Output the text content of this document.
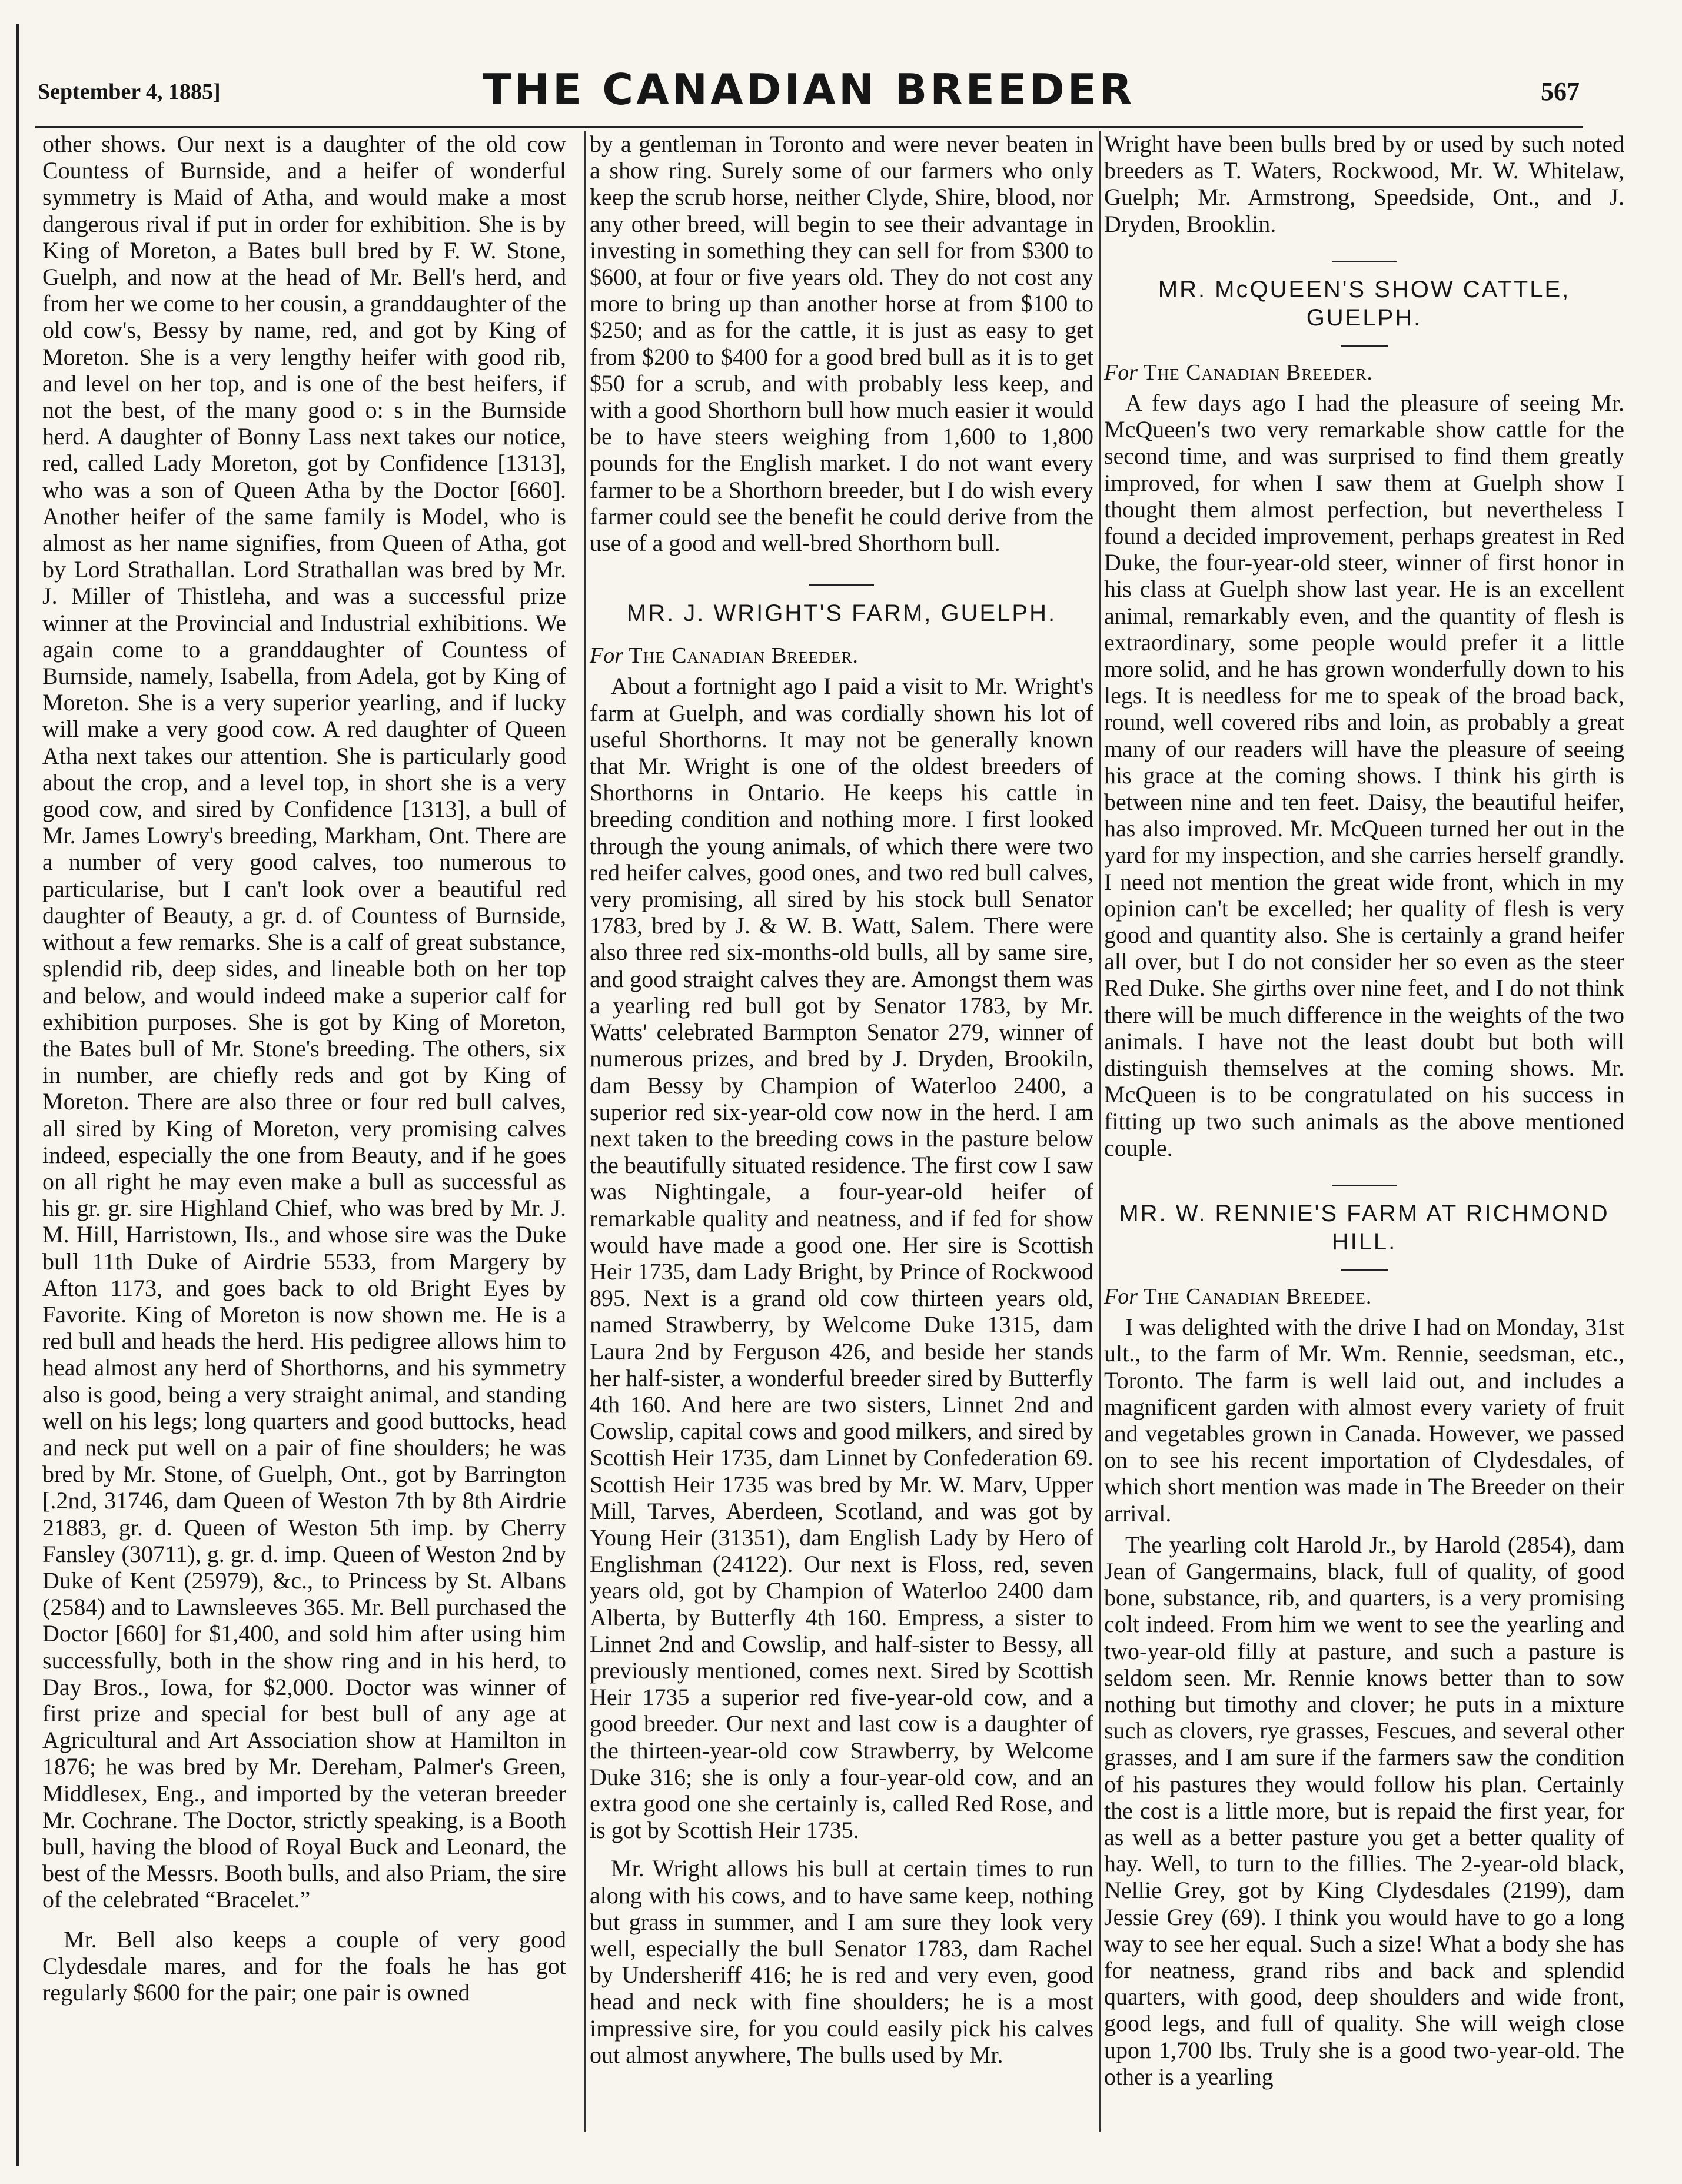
September 4, 1885]	THE CANADIAN BREEDER	567

other shows. Our next is a daughter of the old cow Countess of Burnside, and a heifer of wonderful symmetry is Maid of Atha, and would make a most dangerous rival if put in order for exhibition. She is by King of Moreton, a Bates bull bred by F. W. Stone, Guelph, and now at the head of Mr. Bell's herd, and from her we come to her cousin, a granddaughter of the old cow's, Bessy by name, red, and got by King of Moreton. She is a very lengthy heifer with good rib, and level on her top, and is one of the best heifers, if not the best, of the many good o: s in the Burnside herd. A daughter of Bonny Lass next takes our notice, red, called Lady Moreton, got by Confidence [1313], who was a son of Queen Atha by the Doctor [660]. Another heifer of the same family is Model, who is almost as her name signifies, from Queen of Atha, got by Lord Strathallan. Lord Strathallan was bred by Mr. J. Miller of Thistleha, and was a successful prize winner at the Provincial and Industrial exhibitions. We again come to a granddaughter of Countess of Burnside, namely, Isabella, from Adela, got by King of Moreton. She is a very superior yearling, and if lucky will make a very good cow. A red daughter of Queen Atha next takes our attention. She is particularly good about the crop, and a level top, in short she is a very good cow, and sired by Confidence [1313], a bull of Mr. James Lowry's breeding, Markham, Ont. There are a number of very good calves, too numerous to particularise, but I can't look over a beautiful red daughter of Beauty, a gr. d. of Countess of Burnside, without a few remarks. She is a calf of great substance, splendid rib, deep sides, and lineable both on her top and below, and would indeed make a superior calf for exhibition purposes. She is got by King of Moreton, the Bates bull of Mr. Stone's breeding. The others, six in number, are chiefly reds and got by King of Moreton. There are also three or four red bull calves, all sired by King of Moreton, very promising calves indeed, especially the one from Beauty, and if he goes on all right he may even make a bull as successful as his gr. gr. sire Highland Chief, who was bred by Mr. J. M. Hill, Harristown, Ils., and whose sire was the Duke bull 11th Duke of Airdrie 5533, from Margery by Afton 1173, and goes back to old Bright Eyes by Favorite. King of Moreton is now shown me. He is a red bull and heads the herd. His pedigree allows him to head almost any herd of Shorthorns, and his symmetry also is good, being a very straight animal, and standing well on his legs; long quarters and good buttocks, head and neck put well on a pair of fine shoulders; he was bred by Mr. Stone, of Guelph, Ont., got by Barrington [.2nd, 31746, dam Queen of Weston 7th by 8th Airdrie 21883, gr. d. Queen of Weston 5th imp. by Cherry Fansley (30711), g. gr. d. imp. Queen of Weston 2nd by Duke of Kent (25979), &c., to Princess by St. Albans (2584) and to Lawnsleeves 365. Mr. Bell purchased the Doctor [660] for $1,400, and sold him after using him successfully, both in the show ring and in his herd, to Day Bros., Iowa, for $2,000. Doctor was winner of first prize and special for best bull of any age at Agricultural and Art Association show at Hamilton in 1876; he was bred by Mr. Dereham, Palmer's Green, Middlesex, Eng., and imported by the veteran breeder Mr. Cochrane. The Doctor, strictly speaking, is a Booth bull, having the blood of Royal Buck and Leonard, the best of the Messrs. Booth bulls, and also Priam, the sire of the celebrated “Bracelet.”

Mr. Bell also keeps a couple of very good Clydesdale mares, and for the foals he has got regularly $600 for the pair; one pair is owned

by a gentleman in Toronto and were never beaten in a show ring. Surely some of our farmers who only keep the scrub horse, neither Clyde, Shire, blood, nor any other breed, will begin to see their advantage in investing in something they can sell for from $300 to $600, at four or five years old. They do not cost any more to bring up than another horse at from $100 to $250; and as for the cattle, it is just as easy to get from $200 to $400 for a good bred bull as it is to get $50 for a scrub, and with probably less keep, and with a good Shorthorn bull how much easier it would be to have steers weighing from 1,600 to 1,800 pounds for the English market. I do not want every farmer to be a Shorthorn breeder, but I do wish every farmer could see the benefit he could derive from the use of a good and well-bred Shorthorn bull.

MR. J. WRIGHT'S FARM, GUELPH.
For The Canadian Breeder.

About a fortnight ago I paid a visit to Mr. Wright's farm at Guelph, and was cordially shown his lot of useful Shorthorns. It may not be generally known that Mr. Wright is one of the oldest breeders of Shorthorns in Ontario. He keeps his cattle in breeding condition and nothing more. I first looked through the young animals, of which there were two red heifer calves, good ones, and two red bull calves, very promising, all sired by his stock bull Senator 1783, bred by J. & W. B. Watt, Salem. There were also three red six-months-old bulls, all by same sire, and good straight calves they are. Amongst them was a yearling red bull got by Senator 1783, by Mr. Watts' celebrated Barmpton Senator 279, winner of numerous prizes, and bred by J. Dryden, Brookiln, dam Bessy by Champion of Waterloo 2400, a superior red six-year-old cow now in the herd. I am next taken to the breeding cows in the pasture below the beautifully situated residence. The first cow I saw was Nightingale, a four-year-old heifer of remarkable quality and neatness, and if fed for show would have made a good one. Her sire is Scottish Heir 1735, dam Lady Bright, by Prince of Rockwood 895. Next is a grand old cow thirteen years old, named Strawberry, by Welcome Duke 1315, dam Laura 2nd by Ferguson 426, and beside her stands her half-sister, a wonderful breeder sired by Butterfly 4th 160. And here are two sisters, Linnet 2nd and Cowslip, capital cows and good milkers, and sired by Scottish Heir 1735, dam Linnet by Confederation 69. Scottish Heir 1735 was bred by Mr. W. Marv, Upper Mill, Tarves, Aberdeen, Scotland, and was got by Young Heir (31351), dam English Lady by Hero of Englishman (24122). Our next is Floss, red, seven years old, got by Champion of Waterloo 2400 dam Alberta, by Butterfly 4th 160. Empress, a sister to Linnet 2nd and Cowslip, and half-sister to Bessy, all previously mentioned, comes next. Sired by Scottish Heir 1735 a superior red five-year-old cow, and a good breeder. Our next and last cow is a daughter of the thirteen-year-old cow Strawberry, by Welcome Duke 316; she is only a four-year-old cow, and an extra good one she certainly is, called Red Rose, and is got by Scottish Heir 1735.

Mr. Wright allows his bull at certain times to run along with his cows, and to have same keep, nothing but grass in summer, and I am sure they look very well, especially the bull Senator 1783, dam Rachel by Undersheriff 416; he is red and very even, good head and neck with fine shoulders; he is a most impressive sire, for you could easily pick his calves out almost anywhere, The bulls used by Mr.

Wright have been bulls bred by or used by such noted breeders as T. Waters, Rockwood, Mr. W. Whitelaw, Guelph; Mr. Armstrong, Speedside, Ont., and J. Dryden, Brooklin.

MR. McQUEEN'S SHOW CATTLE, GUELPH.
For The Canadian Breeder.

A few days ago I had the pleasure of seeing Mr. McQueen's two very remarkable show cattle for the second time, and was surprised to find them greatly improved, for when I saw them at Guelph show I thought them almost perfection, but nevertheless I found a decided improvement, perhaps greatest in Red Duke, the four-year-old steer, winner of first honor in his class at Guelph show last year. He is an excellent animal, remarkably even, and the quantity of flesh is extraordinary, some people would prefer it a little more solid, and he has grown wonderfully down to his legs. It is needless for me to speak of the broad back, round, well covered ribs and loin, as probably a great many of our readers will have the pleasure of seeing his grace at the coming shows. I think his girth is between nine and ten feet. Daisy, the beautiful heifer, has also improved. Mr. McQueen turned her out in the yard for my inspection, and she carries herself grandly. I need not mention the great wide front, which in my opinion can't be excelled; her quality of flesh is very good and quantity also. She is certainly a grand heifer all over, but I do not consider her so even as the steer Red Duke. She girths over nine feet, and I do not think there will be much difference in the weights of the two animals. I have not the least doubt but both will distinguish themselves at the coming shows. Mr. McQueen is to be congratulated on his success in fitting up two such animals as the above mentioned couple.

MR. W. RENNIE'S FARM AT RICHMOND HILL.
For The Canadian Breedee.

I was delighted with the drive I had on Monday, 31st ult., to the farm of Mr. Wm. Rennie, seedsman, etc., Toronto. The farm is well laid out, and includes a magnificent garden with almost every variety of fruit and vegetables grown in Canada. However, we passed on to see his recent importation of Clydesdales, of which short mention was made in The Breeder on their arrival.

The yearling colt Harold Jr., by Harold (2854), dam Jean of Gangermains, black, full of quality, of good bone, substance, rib, and quarters, is a very promising colt indeed. From him we went to see the yearling and two-year-old filly at pasture, and such a pasture is seldom seen. Mr. Rennie knows better than to sow nothing but timothy and clover; he puts in a mixture such as clovers, rye grasses, Fescues, and several other grasses, and I am sure if the farmers saw the condition of his pastures they would follow his plan. Certainly the cost is a little more, but is repaid the first year, for as well as a better pasture you get a better quality of hay. Well, to turn to the fillies. The 2-year-old black, Nellie Grey, got by King Clydesdales (2199), dam Jessie Grey (69). I think you would have to go a long way to see her equal. Such a size! What a body she has for neatness, grand ribs and back and splendid quarters, with good, deep shoulders and wide front, good legs, and full of quality. She will weigh close upon 1,700 lbs. Truly she is a good two-year-old. The other is a yearling
